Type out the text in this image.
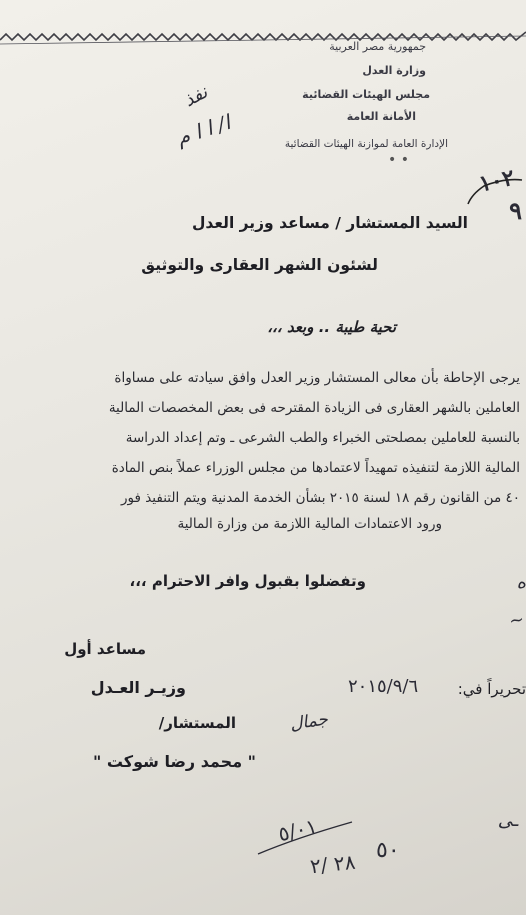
جمهورية مصر العربية
وزارة العدل
مجلس الهيئات القضائية
الأمانة العامة
الإدارة العامة لموازنة الهيئات القضائية
• •
نفذ
ا/ ا ا م
١٠٢
٩
السيد المستشار / مساعد وزير العدل
لشئون الشهر العقارى والتوثيق
تحية طيبة .. وبعد ،،،
يرجى الإحاطة بأن معالى المستشار وزير العدل وافق سيادته على مساواة
العاملين بالشهر العقارى فى الزيادة المقترحه فى بعض المخصصات المالية
بالنسبة للعاملين بمصلحتى الخبراء والطب الشرعى ـ وتم إعداد الدراسة
المالية اللازمة لتنفيذه تمهيداً لاعتمادها من مجلس الوزراء عملاً بنص المادة
٤٠ من القانون رقم ١٨ لسنة ٢٠١٥ بشأن الخدمة المدنية ويتم التنفيذ فور
ورود الاعتمادات المالية اللازمة من وزارة المالية
وتفضلوا بقبول وافر الاحترام ،،،	ه
~
مساعد أول
وزيـر العـدل
المستشار/
" محمد رضا شوكت "
تحريراً في:
٢٠١٥/٩/٦
جمال
٥/٠١
٢٨ /٢ ٥٠
ـى
